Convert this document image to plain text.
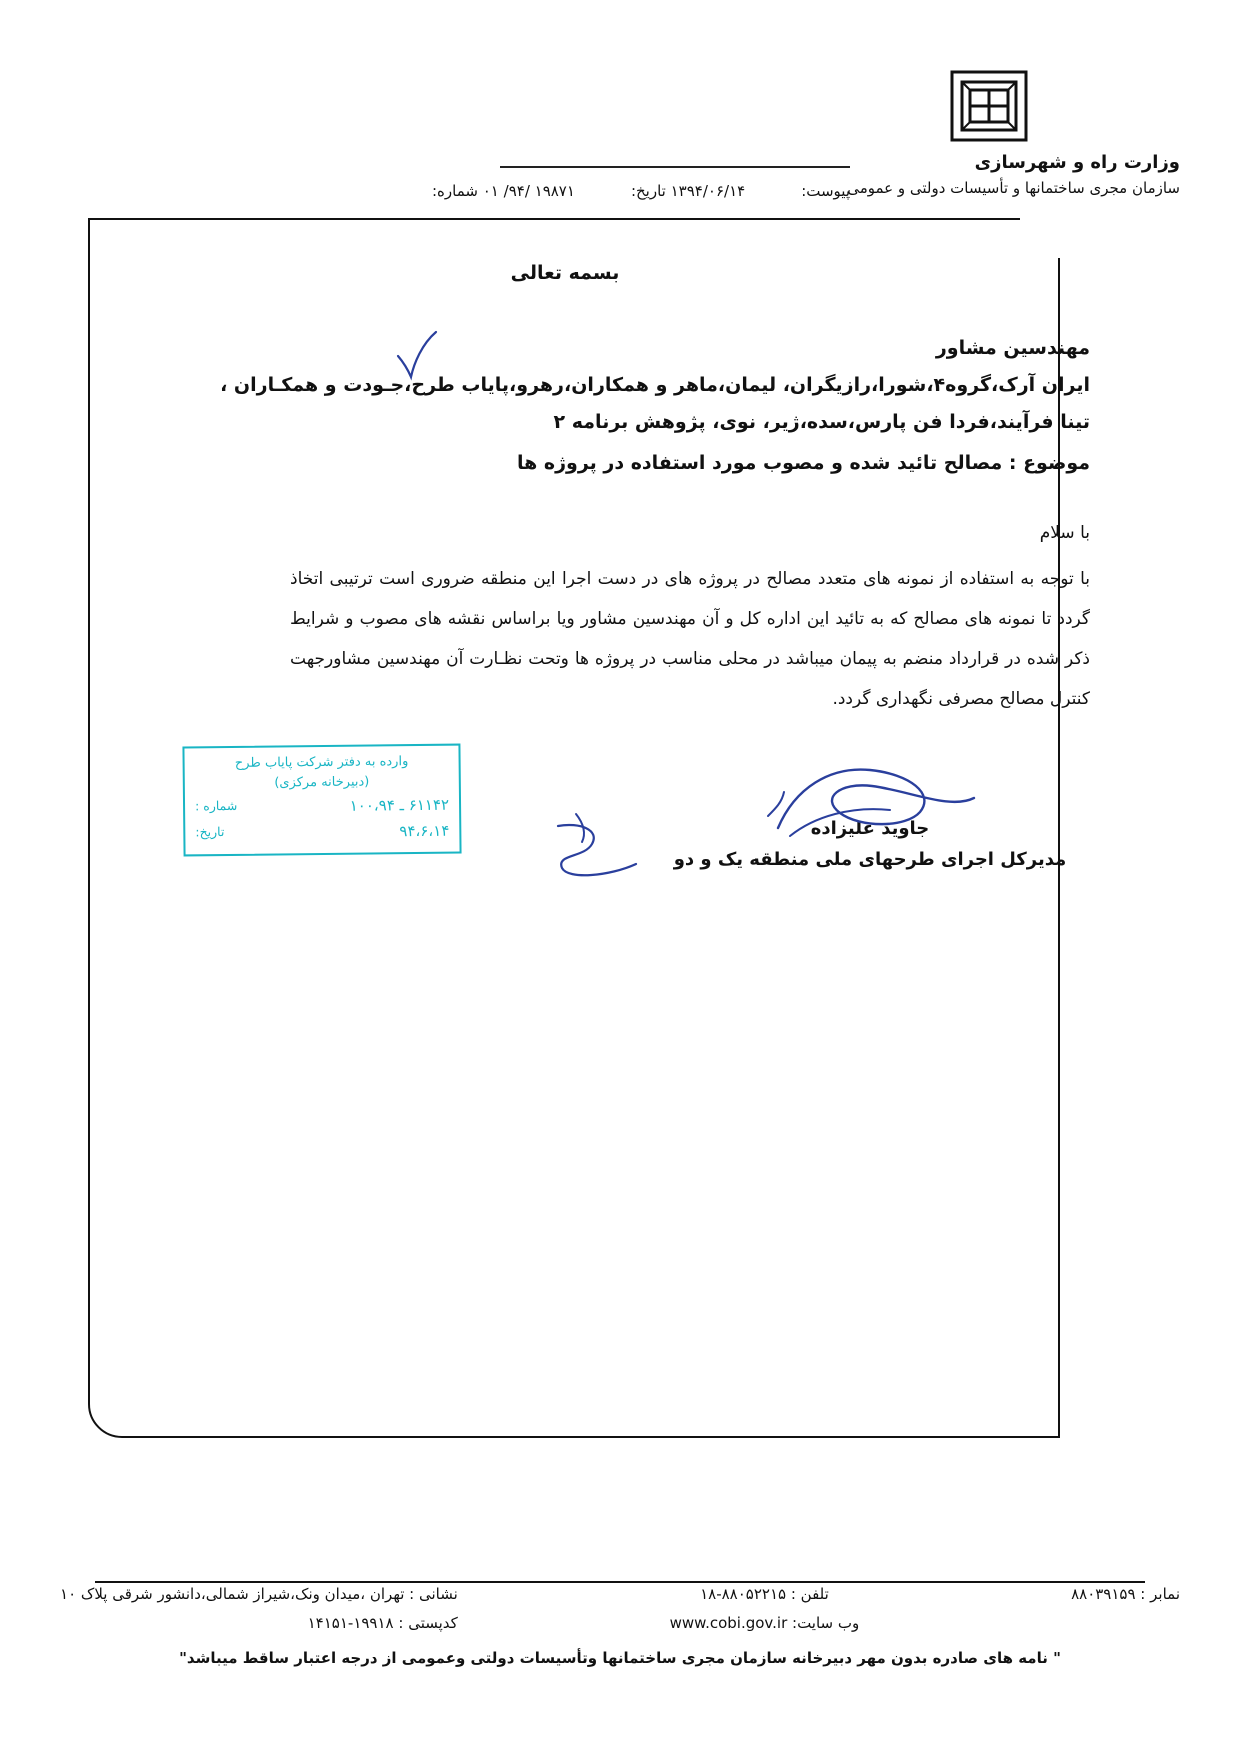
وزارت راه و شهرسازی
سازمان مجری ساختمانها و تأسیسات دولتی و عمومی
پیوست:
۱۳۹۴/۰۶/۱۴ تاریخ:
۱۹۸۷۱ /۹۴/ ۰۱ شماره:
بسمه تعالی
مهندسین مشاور
ایران آرک،گروه۴،شورا،رازیگران، لیمان،ماهر و همکاران،رهرو،پایاب طرح،جـودت و همکـاران ،
تینا فرآیند،فردا فن پارس،سده،ژیر، نوی، پژوهش برنامه ۲
موضوع : مصالح تائید شده و مصوب مورد استفاده در پروژه ها
با سلام

با توجه به استفاده از نمونه های متعدد مصالح در پروژه های در دست اجرا این منطقه ضروری است ترتیبی اتخاذ گردد تا نمونه های مصالح که به تائید این اداره کل و آن مهندسین مشاور ویا براساس نقشه های مصوب و شرایط ذکر شده در قرارداد منضم به پیمان میباشد در محلی مناسب در پروژه ها وتحت نظـارت آن مهندسین مشاورجهت کنترل مصالح مصرفی نگهداری گردد.

جاوید علیزاده
مدیرکل اجرای طرحهای ملی منطقه یک و دو
وارده به دفتر شرکت پایاب طرح
(دبیرخانه مرکزی)
شماره :	۶۱۱۴۲ ـ ۱۰۰،۹۴
تاریخ:	۹۴،۶،۱۴
نمابر : ۸۸۰۳۹۱۵۹
تلفن : ۸۸۰۵۲۲۱۵-۱۸
وب سایت: www.cobi.gov.ir
نشانی : تهران ،میدان ونک،شیراز شمالی،دانشور شرقی پلاک ۱۰
کدپستی : ۱۹۹۱۸-۱۴۱۵۱
" نامه های صادره بدون مهر دبیرخانه سازمان مجری ساختمانها وتأسیسات دولتی وعمومی از درجه اعتبار ساقط میباشد"
